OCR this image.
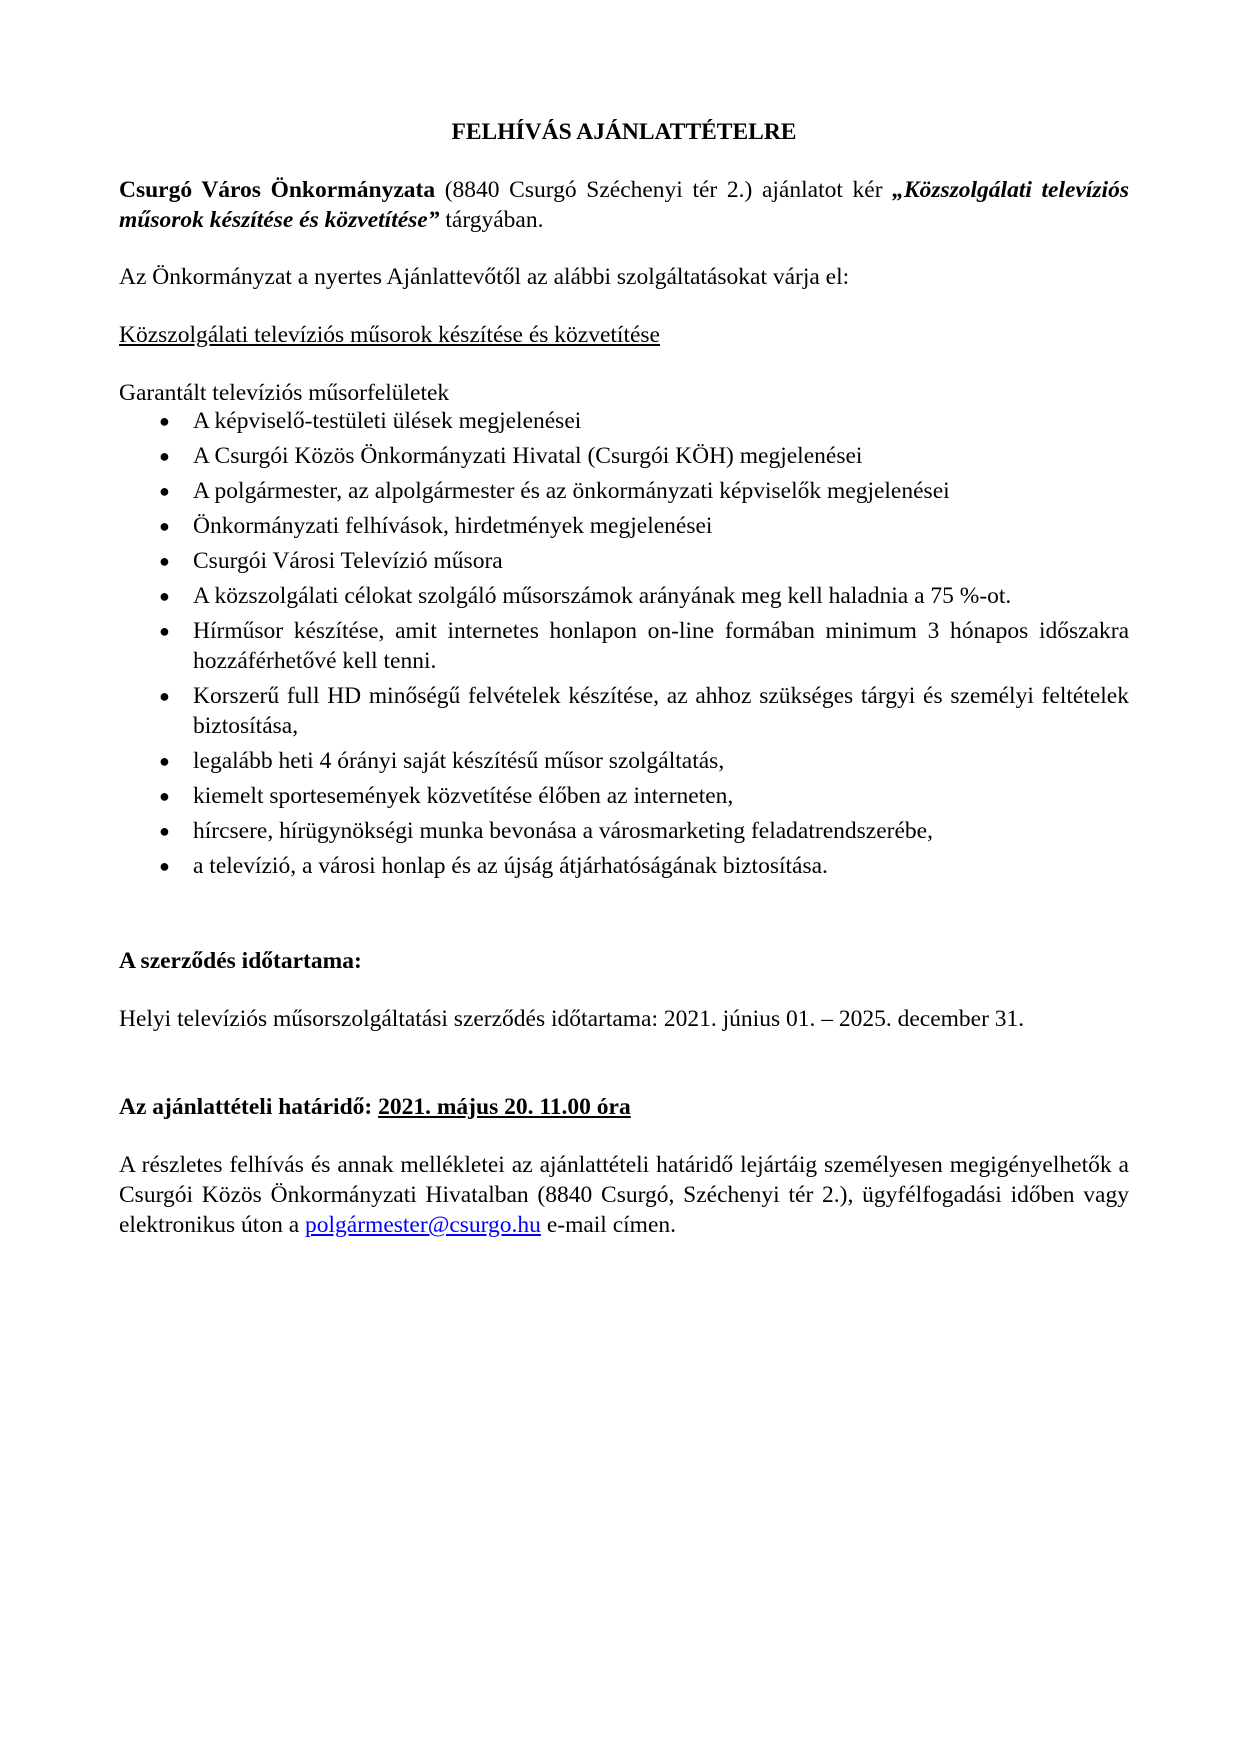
FELHÍVÁS AJÁNLATTÉTELRE

Csurgó Város Önkormányzata (8840 Csurgó Széchenyi tér 2.) ajánlatot kér „Közszolgálati televíziós műsorok készítése és közvetítése” tárgyában.

Az Önkormányzat a nyertes Ajánlattevőtől az alábbi szolgáltatásokat várja el:

Közszolgálati televíziós műsorok készítése és közvetítése

Garantált televíziós műsorfelületek

● A képviselő-testületi ülések megjelenései
● A Csurgói Közös Önkormányzati Hivatal (Csurgói KÖH) megjelenései
● A polgármester, az alpolgármester és az önkormányzati képviselők megjelenései
● Önkormányzati felhívások, hirdetmények megjelenései
● Csurgói Városi Televízió műsora
● A közszolgálati célokat szolgáló műsorszámok arányának meg kell haladnia a 75 %-ot.
● Hírműsor készítése, amit internetes honlapon on-line formában minimum 3 hónapos időszakra hozzáférhetővé kell tenni.
● Korszerű full HD minőségű felvételek készítése, az ahhoz szükséges tárgyi és személyi feltételek biztosítása,
● legalább heti 4 órányi saját készítésű műsor szolgáltatás,
● kiemelt sportesemények közvetítése élőben az interneten,
● hírcsere, hírügynökségi munka bevonása a városmarketing feladatrendszerébe,
● a televízió, a városi honlap és az újság átjárhatóságának biztosítása.

A szerződés időtartama:

Helyi televíziós műsorszolgáltatási szerződés időtartama: 2021. június 01. – 2025. december 31.

Az ajánlattételi határidő: 2021. május 20. 11.00 óra

A részletes felhívás és annak mellékletei az ajánlattételi határidő lejártáig személyesen megigényelhetők a Csurgói Közös Önkormányzati Hivatalban (8840 Csurgó, Széchenyi tér 2.), ügyfélfogadási időben vagy elektronikus úton a polgármester@csurgo.hu e-mail címen.
